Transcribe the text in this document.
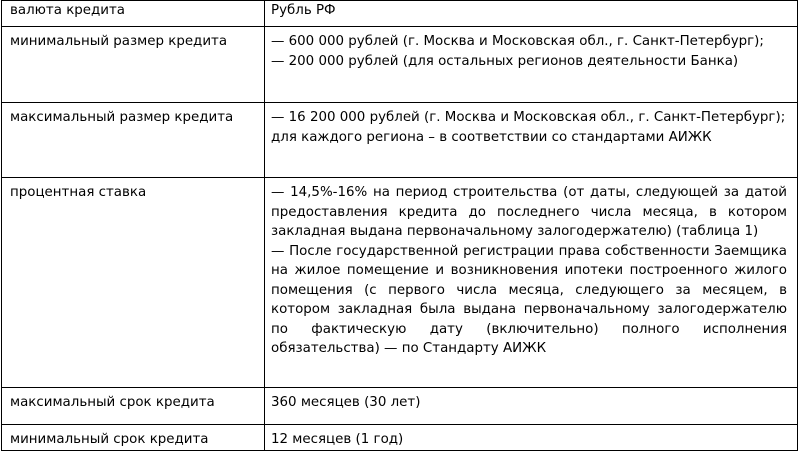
валюта кредита	Рубль РФ

минимальный размер кредита	— 600 000 рублей (г. Москва и Московская обл., г. Санкт-Петербург);
— 200 000 рублей (для остальных регионов деятельности Банка)

максимальный размер кредита	— 16 200 000 рублей (г. Москва и Московская обл., г. Санкт-Петербург);
для каждого региона – в соответствии со стандартами АИЖК

процентная ставка	— 14,5%-16% на период строительства (от даты, следующей за датой предоставления кредита до последнего числа месяца, в котором закладная выдана первоначальному залогодержателю) (таблица 1)
— После государственной регистрации права собственности Заемщика на жилое помещение и возникновения ипотеки построенного жилого помещения (с первого числа месяца, следующего за месяцем, в котором закладная была выдана первоначальному залогодержателю по фактическую дату (включительно) полного исполнения обязательства) — по Стандарту АИЖК

максимальный срок кредита	360 месяцев (30 лет)

минимальный срок кредита	12 месяцев (1 год)
